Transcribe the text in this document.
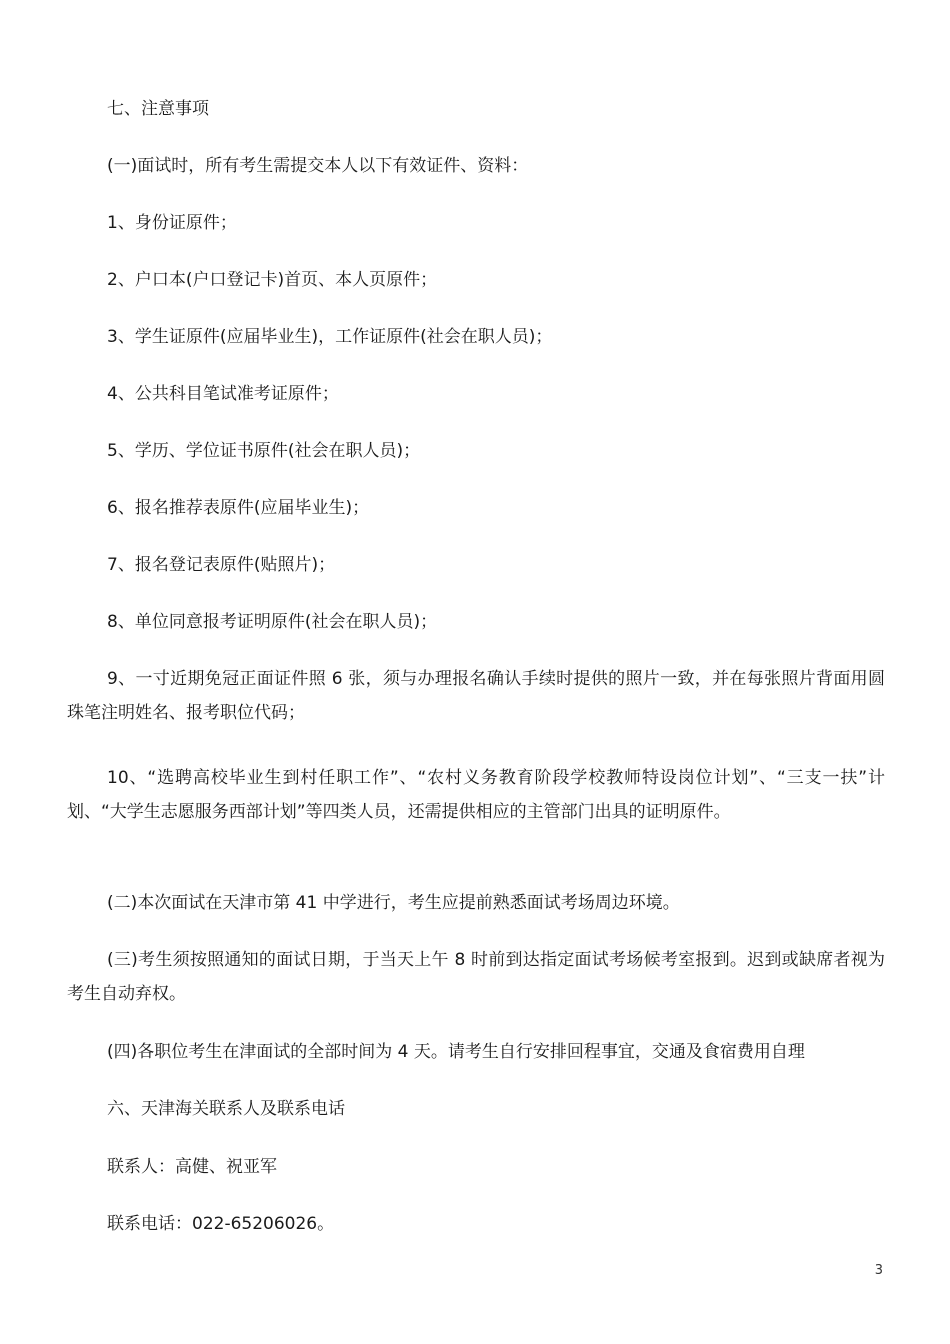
七、注意事项
(一)面试时，所有考生需提交本人以下有效证件、资料：
1、身份证原件；
2、户口本(户口登记卡)首页、本人页原件；
3、学生证原件(应届毕业生)，工作证原件(社会在职人员)；
4、公共科目笔试准考证原件；
5、学历、学位证书原件(社会在职人员)；
6、报名推荐表原件(应届毕业生)；
7、报名登记表原件(贴照片)；
8、单位同意报考证明原件(社会在职人员)；
9、一寸近期免冠正面证件照 6 张，须与办理报名确认手续时提供的照片一致，并在每张照片背面用圆珠笔注明姓名、报考职位代码；
10、“选聘高校毕业生到村任职工作”、“农村义务教育阶段学校教师特设岗位计划”、“三支一扶”计划、“大学生志愿服务西部计划”等四类人员，还需提供相应的主管部门出具的证明原件。
(二)本次面试在天津市第 41 中学进行，考生应提前熟悉面试考场周边环境。
(三)考生须按照通知的面试日期，于当天上午 8 时前到达指定面试考场候考室报到。迟到或缺席者视为考生自动弃权。
(四)各职位考生在津面试的全部时间为 4 天。请考生自行安排回程事宜，交通及食宿费用自理
六、天津海关联系人及联系电话
联系人：高健、祝亚军
联系电话：022-65206026。
3
